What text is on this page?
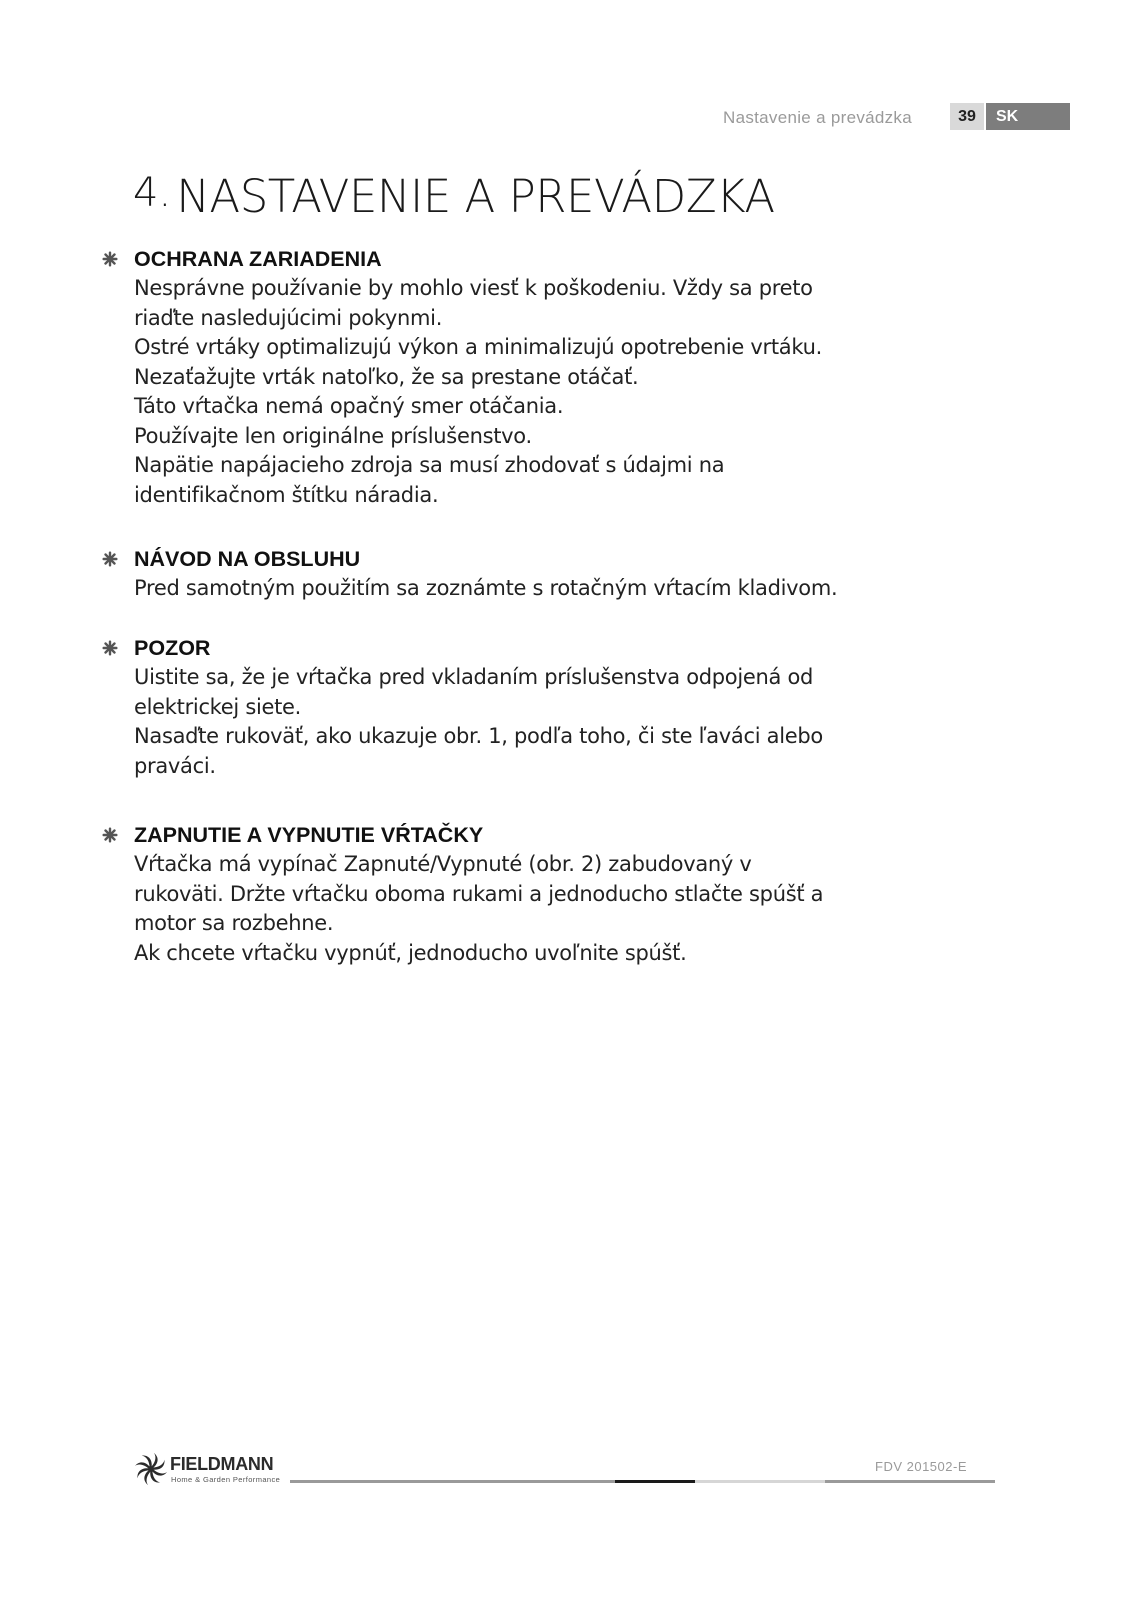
Nastavenie a prevádzka	39	SK
4. NASTAVENIE A PREVÁDZKA
OCHRANA ZARIADENIA

Nesprávne používanie by mohlo viesť k poškodeniu. Vždy sa preto

riaďte nasledujúcimi pokynmi.

Ostré vrtáky optimalizujú výkon a minimalizujú opotrebenie vrtáku.

Nezaťažujte vrták natoľko, že sa prestane otáčať.

Táto vŕtačka nemá opačný smer otáčania.

Používajte len originálne príslušenstvo.

Napätie napájacieho zdroja sa musí zhodovať s údajmi na

identifikačnom štítku náradia.

NÁVOD NA OBSLUHU

Pred samotným použitím sa zoznámte s rotačným vŕtacím kladivom.

POZOR

Uistite sa, že je vŕtačka pred vkladaním príslušenstva odpojená od

elektrickej siete.

Nasaďte rukoväť, ako ukazuje obr. 1, podľa toho, či ste ľaváci alebo

praváci.

ZAPNUTIE A VYPNUTIE VŔTAČKY

Vŕtačka má vypínač Zapnuté/Vypnuté (obr. 2) zabudovaný v

rukoväti. Držte vŕtačku oboma rukami a jednoducho stlačte spúšť a

motor sa rozbehne.

Ak chcete vŕtačku vypnúť, jednoducho uvoľnite spúšť.

FIELDMANN
Home & Garden Performance
FDV 201502-E
